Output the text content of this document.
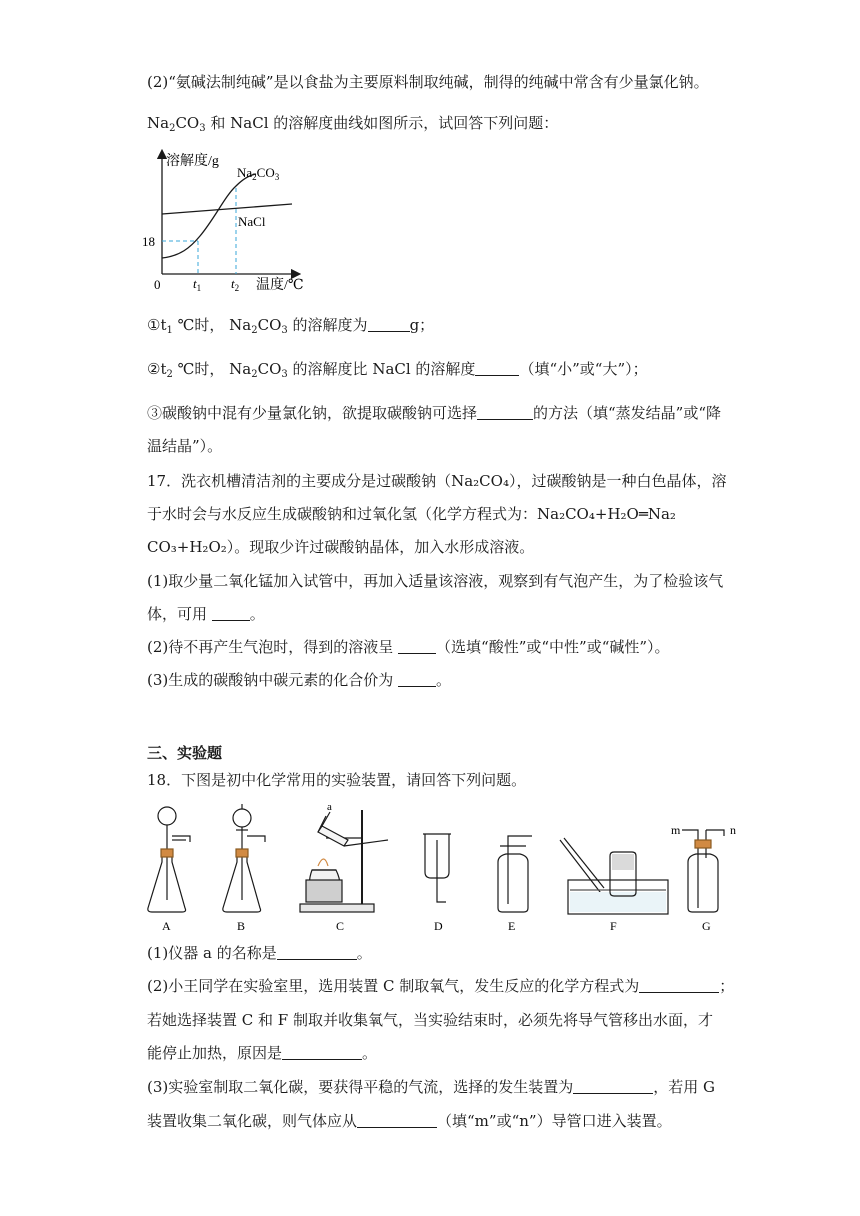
(2)“氨碱法制纯碱”是以食盐为主要原料制取纯碱，制得的纯碱中常含有少量氯化钠。
$Na_2CO_3$ 和 NaCl 的溶解度曲线如图所示，试回答下列问题：
溶解度/g
温度/℃
0
18
$Na_2CO_3$
NaCl
$t_1$ $t_2$
$①t_1$ ℃时， $Na_2CO_3$ 的溶解度为	g；
$②t_2$ ℃时， $Na_2CO_3$ 的溶解度比 NaCl 的溶解度	（填“小”或“大”）；
③碳酸钠中混有少量氯化钠，欲提取碳酸钠可选择	的方法（填“蒸发结晶”或“降
温结晶”）。
17．洗衣机槽清洁剂的主要成分是过碳酸钠（Na₂CO₄），过碳酸钠是一种白色晶体，溶
于水时会与水反应生成碳酸钠和过氧化氢（化学方程式为：Na₂CO₄+H₂O═Na₂
CO₃+H₂O₂）。现取少许过碳酸钠晶体，加入水形成溶液。
(1)取少量二氧化锰加入试管中，再加入适量该溶液，观察到有气泡产生，为了检验该气
体，可用	。
(2)待不再产生气泡时，得到的溶液呈	（选填“酸性”或“中性”或“碱性”）。
(3)生成的碳酸钠中碳元素的化合价为	。
三、实验题
18．下图是初中化学常用的实验装置，请回答下列问题。
a
m	n
A	B	C	D	E	F	G
(1)仪器 a 的名称是	。
(2)小王同学在实验室里，选用装置 C 制取氧气，发生反应的化学方程式为	；
若她选择装置 C 和 F 制取并收集氧气，当实验结束时，必须先将导气管移出水面，才
能停止加热，原因是	。
(3)实验室制取二氧化碳，要获得平稳的气流，选择的发生装置为	，若用 G
装置收集二氧化碳，则气体应从	（填“m”或“n”）导管口进入装置。
